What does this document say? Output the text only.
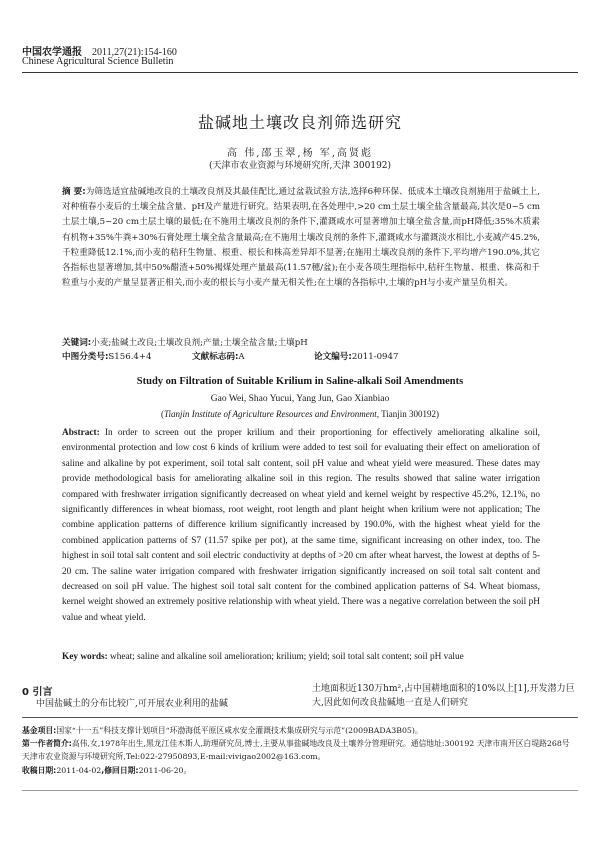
中国农学通报 2011,27(21):154-160
Chinese Agricultural Science Bulletin
盐碱地土壤改良剂筛选研究
高 伟,邵玉翠,杨 军,高贤彪
(天津市农业资源与环境研究所,天津 300192)
摘 要:为筛选适宜盐碱地改良的土壤改良剂及其最佳配比,通过盆栽试验方法,选择6种环保、低成本土壤改良剂施用于盐碱土上,对种植春小麦后的土壤全盐含量、pH及产量进行研究。结果表明,在各处理中,>20 cm土层土壤全盐含量最高,其次是0~5 cm土层土壤,5~20 cm土层土壤的最低;在不施用土壤改良剂的条件下,灌溉咸水可显著增加土壤全盐含量,而pH降低;35%木质素有机物+35%牛粪+30%石膏处理土壤全盐含量最高;在不施用土壤改良剂的条件下,灌溉咸水与灌溉淡水相比,小麦减产45.2%,千粒重降低12.1%,而小麦的秸秆生物量、根重、根长和株高差异却不显著;在施用土壤改良剂的条件下,平均增产190.0%,其它各指标也显著增加,其中50%醋渣+50%褐煤处理产量最高(11.57穗/盆);在小麦各项生理指标中,秸秆生物量、根重、株高和千粒重与小麦的产量呈显著正相关,而小麦的根长与小麦产量无相关性;在土壤的各指标中,土壤的pH与小麦产量呈负相关。
关键词:小麦;盐碱土改良;土壤改良剂;产量;土壤全盐含量;土壤pH
中图分类号:S156.4+4	文献标志码:A	论文编号:2011-0947
Study on Filtration of Suitable Krilium in Saline-alkali Soil Amendments
Gao Wei, Shao Yucui, Yang Jun, Gao Xianbiao
(Tianjin Institute of Agriculture Resources and Environment, Tianjin 300192)
Abstract: In order to screen out the proper krilium and their proportioning for effectively ameliorating alkaline soil, environmental protection and low cost 6 kinds of krilium were added to test soil for evaluating their effect on amelioration of saline and alkaline by pot experiment, soil total salt content, soil pH value and wheat yield were measured. These dates may provide methodological basis for ameliorating alkaline soil in this region. The results showed that saline water irrigation compared with freshwater irrigation significantly decreased on wheat yield and kernel weight by respective 45.2%, 12.1%, no significantly differences in wheat biomass, root weight, root length and plant height when krilium were not application; The combine application patterns of difference krilium significantly increased by 190.0%, with the highest wheat yield for the combined application patterns of S7 (11.57 spike per pot), at the same time, significant increasing on other index, too. The highest in soil total salt content and soil electric conductivity at depths of >20 cm after wheat harvest, the lowest at depths of 5-20 cm. The saline water irrigation compared with freshwater irrigation significantly increased on soil total salt content and decreased on soil pH value. The highest soil total salt content for the combined application patterns of S4. Wheat biomass, kernel weight showed an extremely positive relationship with wheat yield. There was a negative correlation between the soil pH value and wheat yield.
Key words: wheat; saline and alkaline soil amelioration; krilium; yield; soil total salt content; soil pH value
0 引言
中国盐碱土的分布比较广,可开展农业利用的盐碱
土地面积近130万hm²,占中国耕地面积的10%以上[1],开发潜力巨大,因此如何改良盐碱地一直是人们研究
基金项目:国家“十一五”科技支撑计划项目“环渤海低平原区咸水安全灌溉技术集成研究与示范”(2009BADA3B05)。
第一作者简介:高伟,女,1978年出生,黑龙江佳木斯人,助理研究员,博士,主要从事盐碱地改良及土壤养分管理研究。通信地址:300192 天津市南开区白堤路268号 天津市农业资源与环境研究所,Tel:022-27950893,E-mail:vivigao2002@163.com。
收稿日期:2011-04-02,修回日期:2011-06-20。
